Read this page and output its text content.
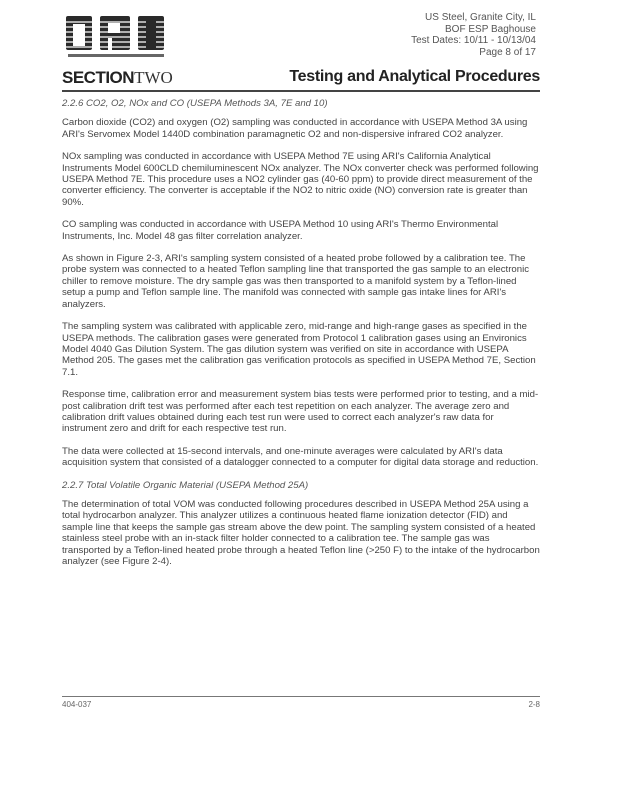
US Steel, Granite City, IL
BOF ESP Baghouse
Test Dates: 10/11 - 10/13/04
Page 8 of 17
SECTIONTWO	Testing and Analytical Procedures
2.2.6 CO2, O2, NOx and CO (USEPA Methods 3A, 7E and 10)

Carbon dioxide (CO2) and oxygen (O2) sampling was conducted in accordance with USEPA Method 3A using ARI's Servomex Model 1440D combination paramagnetic O2 and non-dispersive infrared CO2 analyzer.

NOx sampling was conducted in accordance with USEPA Method 7E using ARI's California Analytical Instruments Model 600CLD chemiluminescent NOx analyzer. The NOx converter check was performed following USEPA Method 7E. This procedure uses a NO2 cylinder gas (40-60 ppm) to provide direct measurement of the converter efficiency. The converter is acceptable if the NO2 to nitric oxide (NO) conversion rate is greater than 90%.

CO sampling was conducted in accordance with USEPA Method 10 using ARI's Thermo Environmental Instruments, Inc. Model 48 gas filter correlation analyzer.

As shown in Figure 2-3, ARI's sampling system consisted of a heated probe followed by a calibration tee. The probe system was connected to a heated Teflon sampling line that transported the gas sample to an electronic chiller to remove moisture. The dry sample gas was then transported to a manifold system by a Teflon-lined setup a pump and Teflon sample line. The manifold was connected with sample gas intake lines for ARI's analyzers.

The sampling system was calibrated with applicable zero, mid-range and high-range gases as specified in the USEPA methods. The calibration gases were generated from Protocol 1 calibration gases using an Environics Model 4040 Gas Dilution System. The gas dilution system was verified on site in accordance with USEPA Method 205. The gases met the calibration gas verification protocols as specified in USEPA Method 7E, Section 7.1.

Response time, calibration error and measurement system bias tests were performed prior to testing, and a mid-post calibration drift test was performed after each test repetition on each analyzer. The average zero and calibration drift values obtained during each test run were used to correct each analyzer's raw data for instrument zero and drift for each respective test run.

The data were collected at 15-second intervals, and one-minute averages were calculated by ARI's data acquisition system that consisted of a datalogger connected to a computer for digital data storage and reduction.

2.2.7 Total Volatile Organic Material (USEPA Method 25A)

The determination of total VOM was conducted following procedures described in USEPA Method 25A using a total hydrocarbon analyzer. This analyzer utilizes a continuous heated flame ionization detector (FID) and sample line that keeps the sample gas stream above the dew point. The sampling system consisted of a heated stainless steel probe with an in-stack filter holder connected to a calibration tee. The sample gas was transported by a Teflon-lined heated probe through a heated Teflon line (>250 F) to the intake of the hydrocarbon analyzer (see Figure 2-4).

404-037	2-8
